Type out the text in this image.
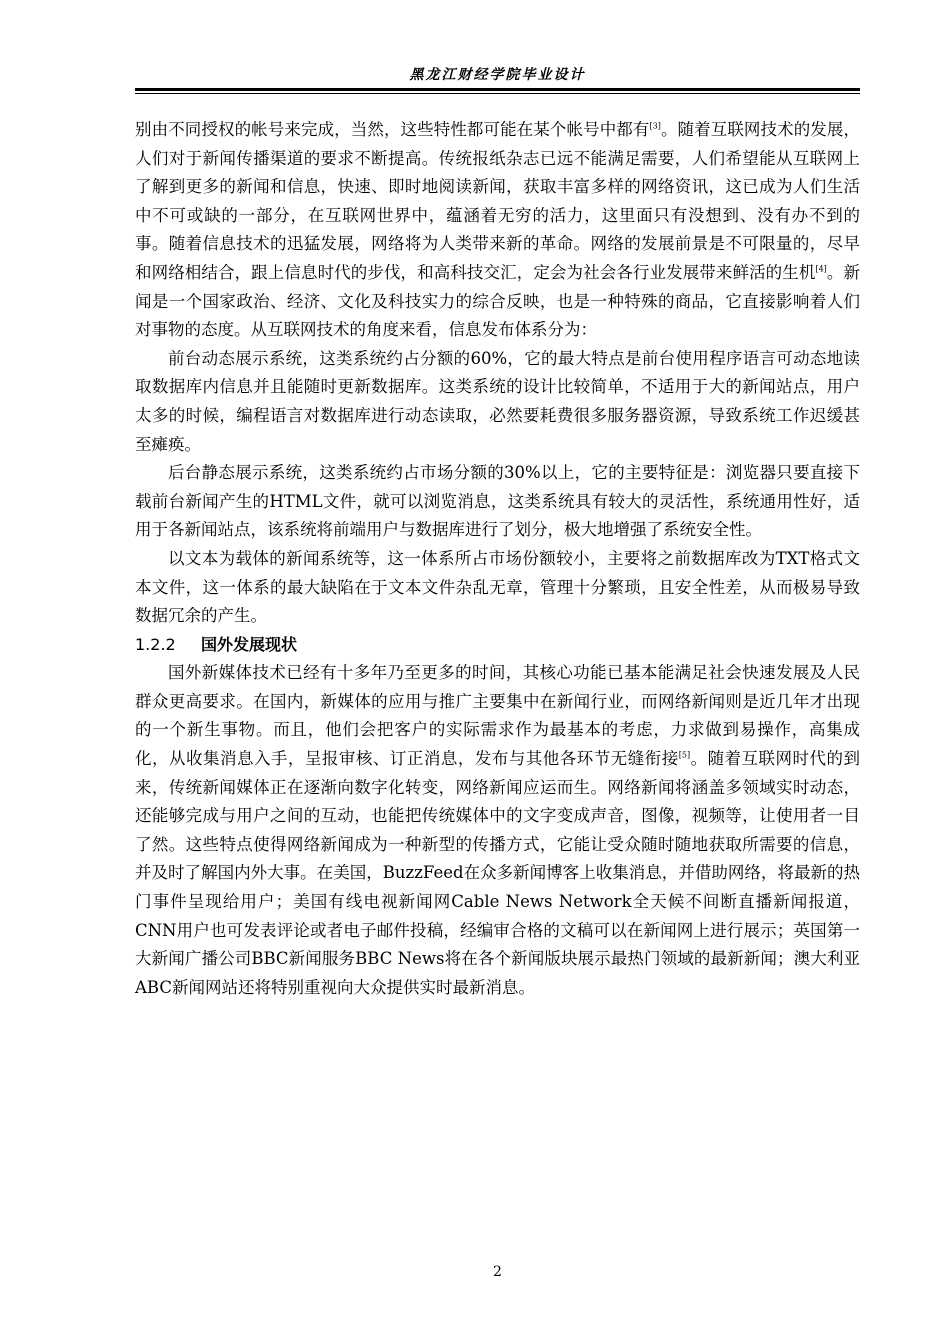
黑龙江财经学院毕业设计

别由不同授权的帐号来完成，当然，这些特性都可能在某个帐号中都有[3]。随着互联网技术的发展，人们对于新闻传播渠道的要求不断提高。传统报纸杂志已远不能满足需要，人们希望能从互联网上了解到更多的新闻和信息，快速、即时地阅读新闻，获取丰富多样的网络资讯，这已成为人们生活中不可或缺的一部分，在互联网世界中，蕴涵着无穷的活力，这里面只有没想到、没有办不到的事。随着信息技术的迅猛发展，网络将为人类带来新的革命。网络的发展前景是不可限量的，尽早和网络相结合，跟上信息时代的步伐，和高科技交汇，定会为社会各行业发展带来鲜活的生机[4]。新闻是一个国家政治、经济、文化及科技实力的综合反映，也是一种特殊的商品，它直接影响着人们对事物的态度。从互联网技术的角度来看，信息发布体系分为：

前台动态展示系统，这类系统约占分额的60%，它的最大特点是前台使用程序语言可动态地读取数据库内信息并且能随时更新数据库。这类系统的设计比较简单，不适用于大的新闻站点，用户太多的时候，编程语言对数据库进行动态读取，必然要耗费很多服务器资源，导致系统工作迟缓甚至瘫痪。

后台静态展示系统，这类系统约占市场分额的30%以上，它的主要特征是：浏览器只要直接下载前台新闻产生的HTML文件，就可以浏览消息，这类系统具有较大的灵活性，系统通用性好，适用于各新闻站点，该系统将前端用户与数据库进行了划分，极大地增强了系统安全性。

以文本为载体的新闻系统等，这一体系所占市场份额较小，主要将之前数据库改为TXT格式文本文件，这一体系的最大缺陷在于文本文件杂乱无章，管理十分繁琐，且安全性差，从而极易导致数据冗余的产生。

1.2.2 国外发展现状

国外新媒体技术已经有十多年乃至更多的时间，其核心功能已基本能满足社会快速发展及人民群众更高要求。在国内，新媒体的应用与推广主要集中在新闻行业，而网络新闻则是近几年才出现的一个新生事物。而且，他们会把客户的实际需求作为最基本的考虑，力求做到易操作，高集成化，从收集消息入手，呈报审核、订正消息，发布与其他各环节无缝衔接[5]。随着互联网时代的到来，传统新闻媒体正在逐渐向数字化转变，网络新闻应运而生。网络新闻将涵盖多领域实时动态，还能够完成与用户之间的互动，也能把传统媒体中的文字变成声音，图像，视频等，让使用者一目了然。这些特点使得网络新闻成为一种新型的传播方式，它能让受众随时随地获取所需要的信息，并及时了解国内外大事。在美国，BuzzFeed在众多新闻博客上收集消息，并借助网络，将最新的热门事件呈现给用户；美国有线电视新闻网Cable News Network全天候不间断直播新闻报道，CNN用户也可发表评论或者电子邮件投稿，经编审合格的文稿可以在新闻网上进行展示；英国第一大新闻广播公司BBC新闻服务BBC News将在各个新闻版块展示最热门领域的最新新闻；澳大利亚ABC新闻网站还将特别重视向大众提供实时最新消息。

2
